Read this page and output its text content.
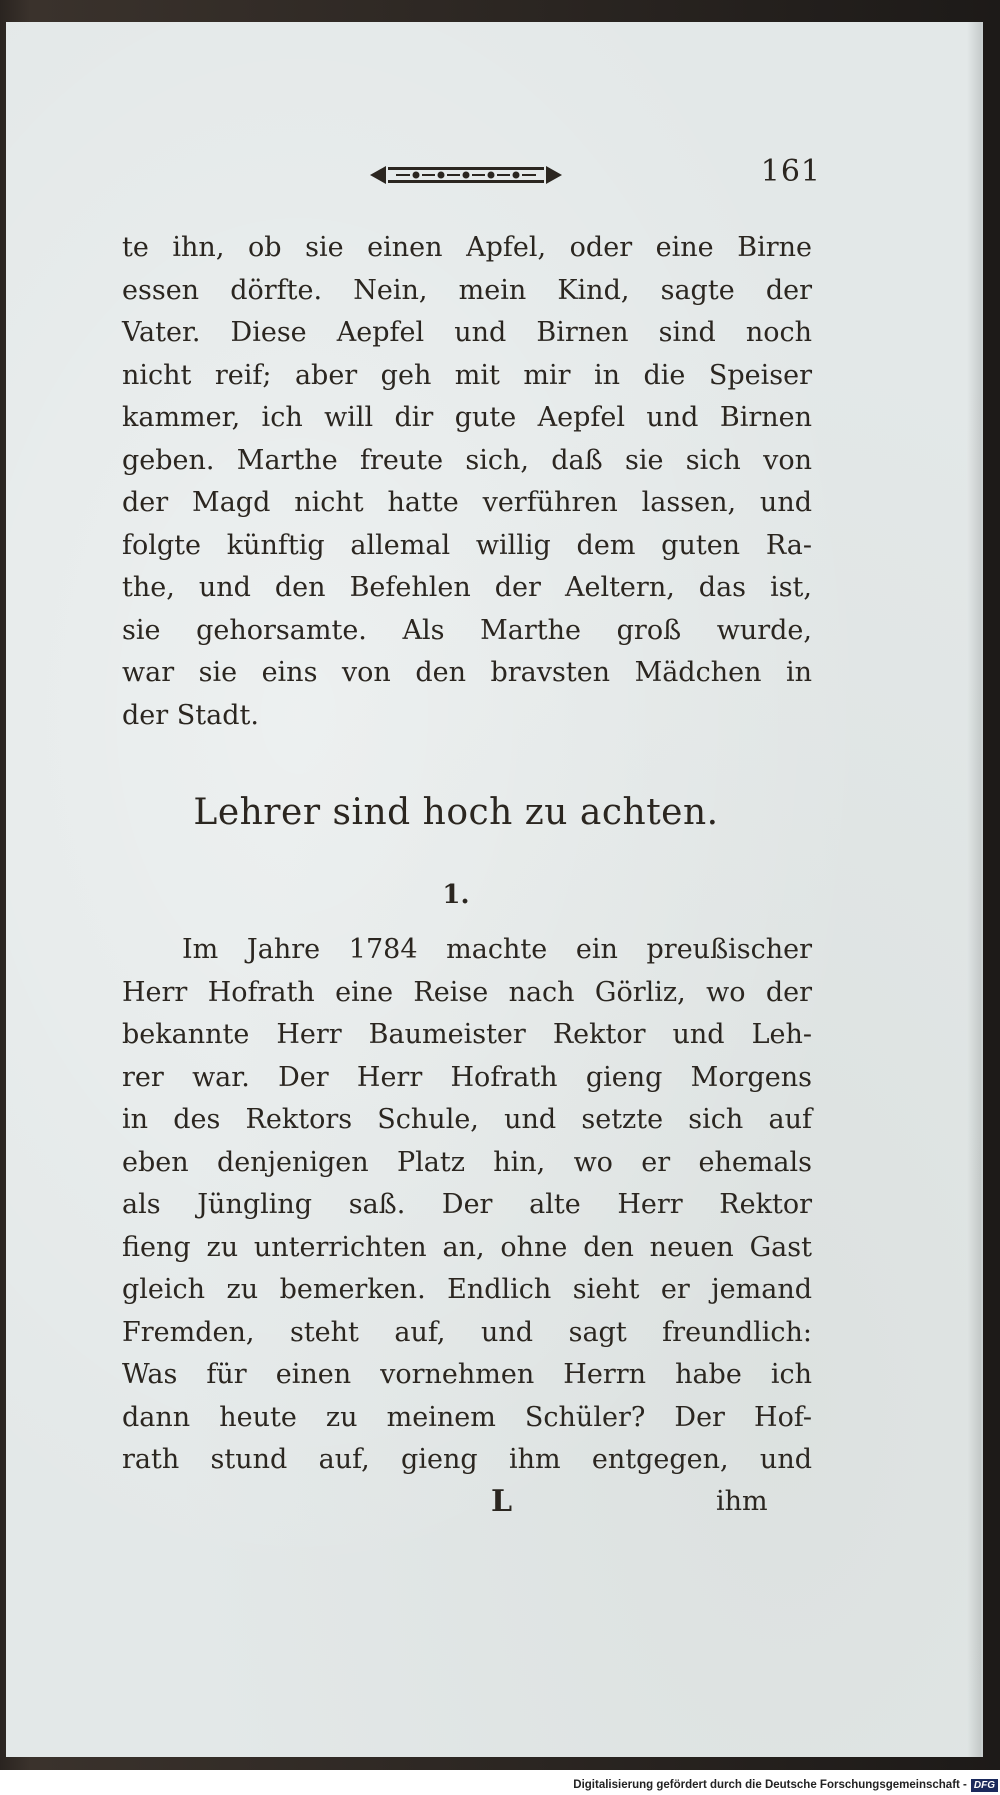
161
te ihn, ob sie einen Apfel, oder eine Birne
essen dörfte. Nein, mein Kind, sagte der
Vater. Diese Aepfel und Birnen sind noch
nicht reif; aber geh mit mir in die Speiser
kammer, ich will dir gute Aepfel und Birnen
geben. Marthe freute sich, daß sie sich von
der Magd nicht hatte verführen lassen, und
folgte künftig allemal willig dem guten Ra-
the, und den Befehlen der Aeltern, das ist,
sie gehorsamte. Als Marthe groß wurde,
war sie eins von den bravsten Mädchen in
der Stadt.
Lehrer sind hoch zu achten.
1.
Im Jahre 1784 machte ein preußischer
Herr Hofrath eine Reise nach Görliz, wo der
bekannte Herr Baumeister Rektor und Leh-
rer war. Der Herr Hofrath gieng Morgens
in des Rektors Schule, und setzte sich auf
eben denjenigen Platz hin, wo er ehemals
als Jüngling saß. Der alte Herr Rektor
fieng zu unterrichten an, ohne den neuen Gast
gleich zu bemerken. Endlich sieht er jemand
Fremden, steht auf, und sagt freundlich:
Was für einen vornehmen Herrn habe ich
dann heute zu meinem Schüler? Der Hof-
rath stund auf, gieng ihm entgegen, und
L	ihm
Digitalisierung gefördert durch die Deutsche Forschungsgemeinschaft - DFG
